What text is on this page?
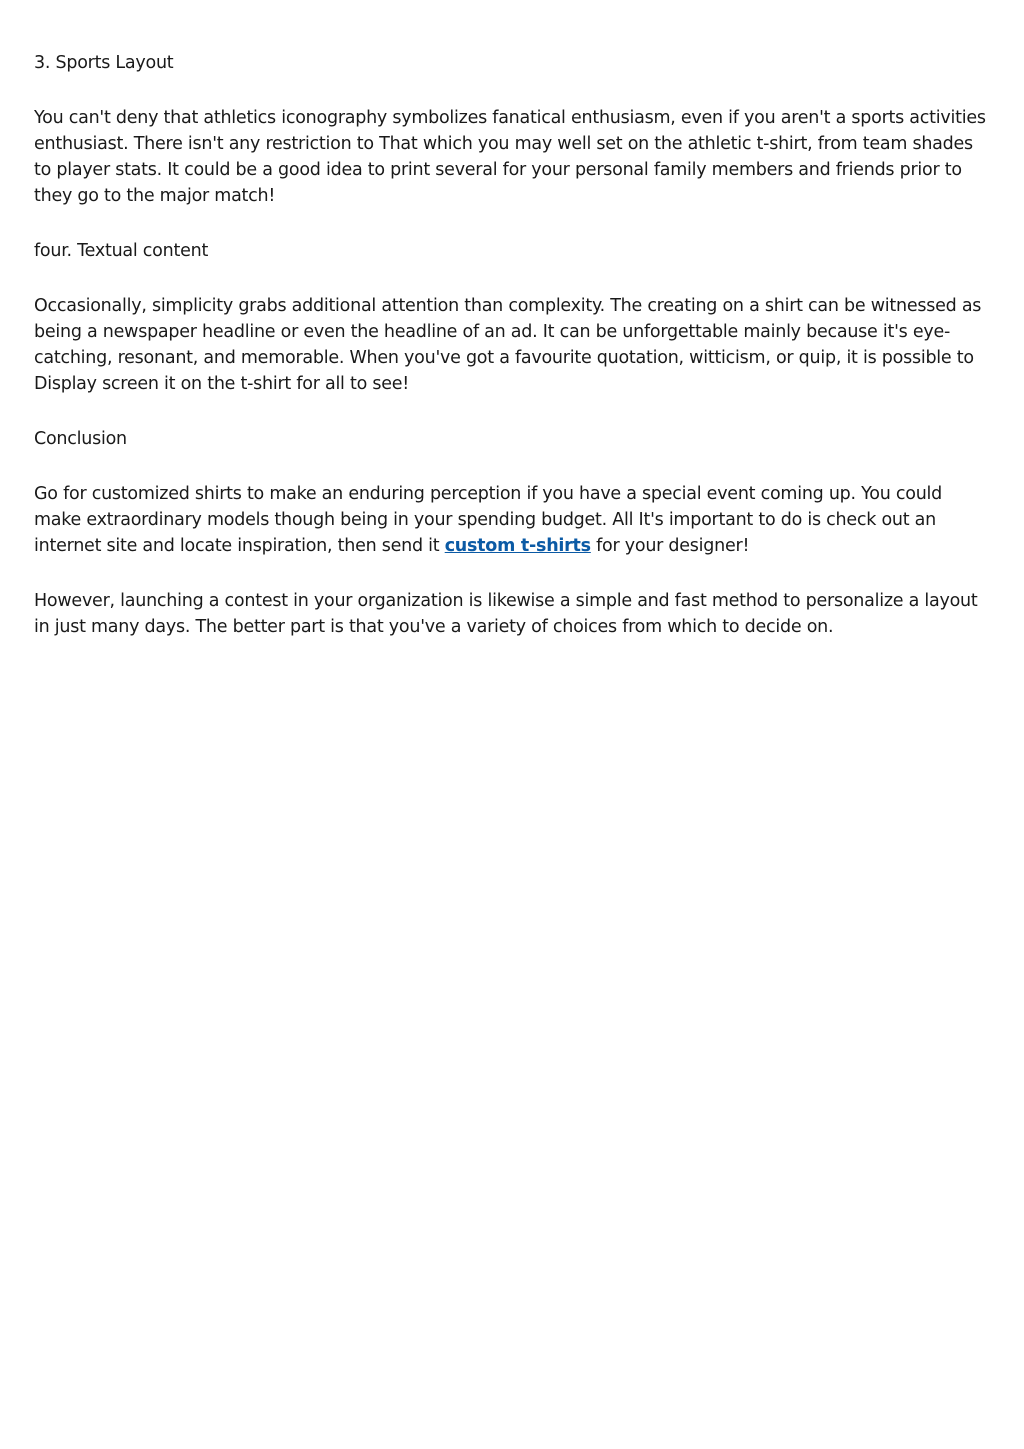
3. Sports Layout

You can't deny that athletics iconography symbolizes fanatical enthusiasm, even if you aren't a sports activities enthusiast. There isn't any restriction to That which you may well set on the athletic t-shirt, from team shades to player stats. It could be a good idea to print several for your personal family members and friends prior to they go to the major match!

four. Textual content

Occasionally, simplicity grabs additional attention than complexity. The creating on a shirt can be witnessed as being a newspaper headline or even the headline of an ad. It can be unforgettable mainly because it's eye-catching, resonant, and memorable. When you've got a favourite quotation, witticism, or quip, it is possible to Display screen it on the t-shirt for all to see!

Conclusion

Go for customized shirts to make an enduring perception if you have a special event coming up. You could make extraordinary models though being in your spending budget. All It's important to do is check out an internet site and locate inspiration, then send it custom t-shirts for your designer!

However, launching a contest in your organization is likewise a simple and fast method to personalize a layout in just many days. The better part is that you've a variety of choices from which to decide on.
